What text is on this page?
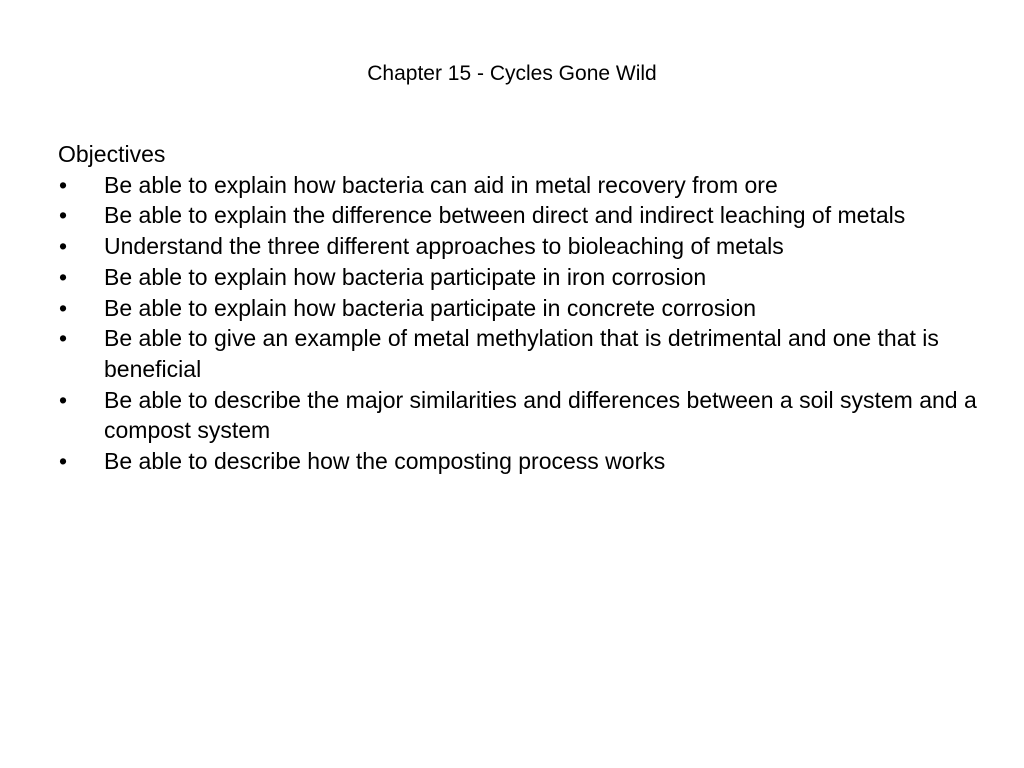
Chapter 15 - Cycles Gone Wild
Objectives
• Be able to explain how bacteria can aid in metal recovery from ore
• Be able to explain the difference between direct and indirect leaching of metals
• Understand the three different approaches to bioleaching of metals
• Be able to explain how bacteria participate in iron corrosion
• Be able to explain how bacteria participate in concrete corrosion
• Be able to give an example of metal methylation that is detrimental and one that is beneficial
• Be able to describe the major similarities and differences between a soil system and a compost system
• Be able to describe how the composting process works
